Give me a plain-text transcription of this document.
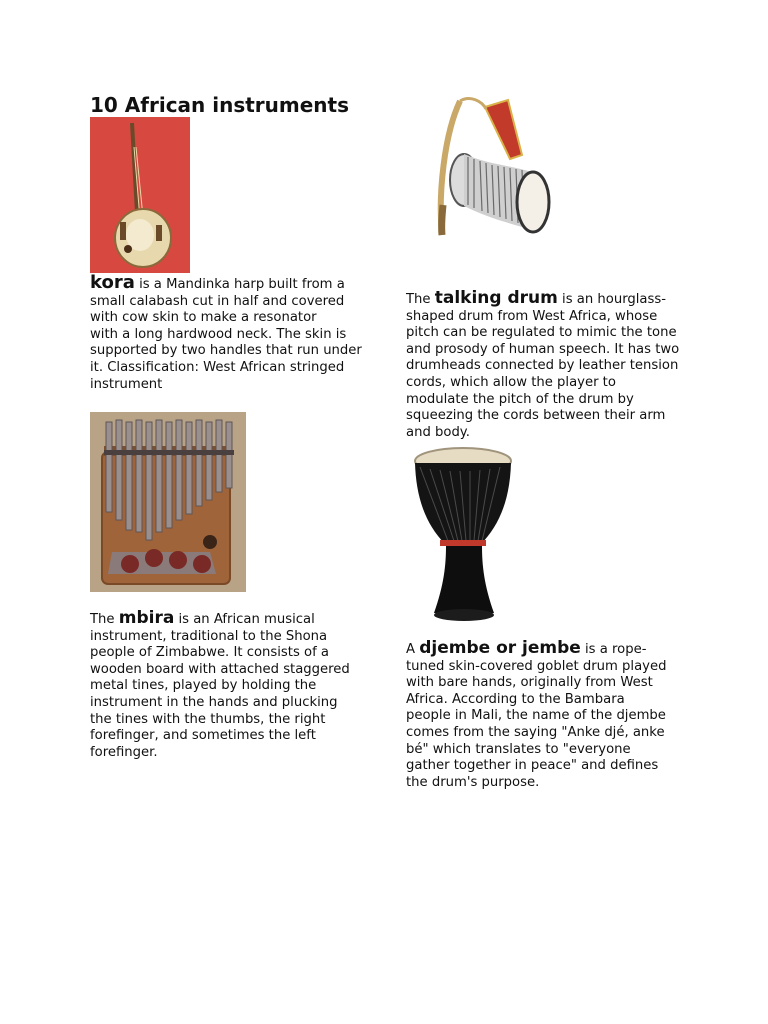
10 African instruments
kora is a Mandinka harp built from a small calabash cut in half and covered with cow skin to make a resonator
with a long hardwood neck. The skin is supported by two handles that run under it. Classification: West African stringed instrument
The talking drum is an hourglass-shaped drum from West Africa, whose pitch can be regulated to mimic the tone and prosody of human speech. It has two drumheads connected by leather tension cords, which allow the player to modulate the pitch of the drum by squeezing the cords between their arm and body.
The mbira is an African musical instrument, traditional to the Shona people of Zimbabwe. It consists of a wooden board with attached staggered metal tines, played by holding the instrument in the hands and plucking the tines with the thumbs, the right forefinger, and sometimes the left forefinger.
A djembe or jembe is a rope-tuned skin-covered goblet drum played with bare hands, originally from West Africa. According to the Bambara people in Mali, the name of the djembe comes from the saying "Anke djé, anke bé" which translates to "everyone gather together in peace" and defines the drum's purpose.
